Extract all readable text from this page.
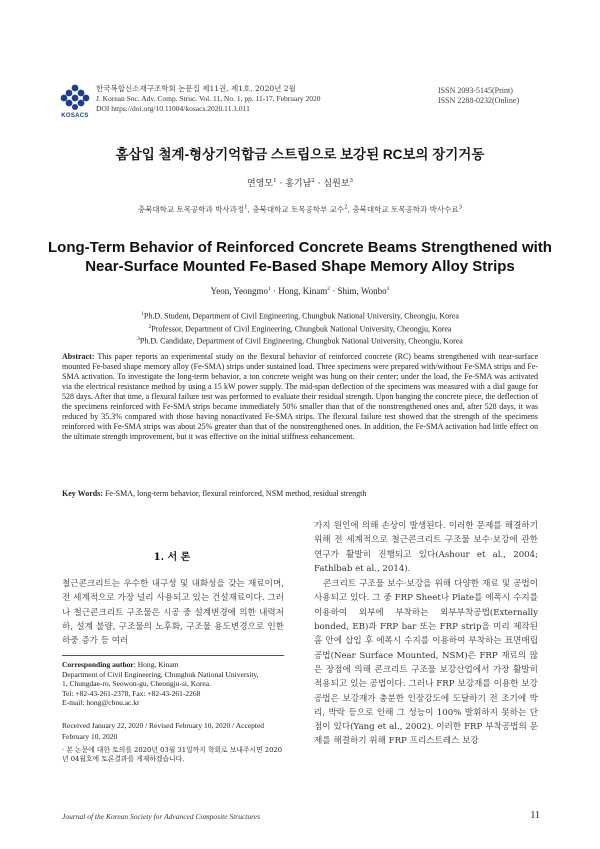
KOSACS
한국복합신소재구조학회 논문집 제11권, 제1호, 2020년 2월
J. Korean Soc. Adv. Comp. Struc. Vol. 11, No. 1, pp. 11-17, February 2020
DOI https://doi.org/10.11004/kosacs.2020.11.1.011
ISSN 2093-5145(Print)
ISSN 2288-0232(Online)
홈삽입 철계-형상기억합금 스트립으로 보강된 RC보의 장기거동
연영모$^1$ · 홍기남$^2$ · 심원보$^3$
충북대학교 토목공학과 박사과정$^1$, 충북대학교 토목공학부 교수$^2$, 충북대학교 토목공학과 박사수료$^3$
Long-Term Behavior of Reinforced Concrete Beams Strengthened with
Near-Surface Mounted Fe-Based Shape Memory Alloy Strips
Yeon, Yeongmo$^1$ · Hong, Kinam$^2$ · Shim, Wonbo$^3$
$^1$Ph.D. Student, Department of Civil Engineering, Chungbuk National University, Cheongju, Korea
$^2$Professor, Department of Civil Engineering, Chungbuk National University, Cheongju, Korea
$^3$Ph.D. Candidate, Department of Civil Engineering, Chungbuk National University, Cheongju, Korea
Abstract: This paper reports an experimental study on the flexural behavior of reinforced concrete (RC) beams strengthened with near-surface mounted Fe-based shape memory alloy (Fe-SMA) strips under sustained load. Three specimens were prepared with/without Fe-SMA strips and Fe-SMA activation. To investigate the long-term behavior, a ton concrete weight was hung on their center; under the load, the Fe-SMA was activated via the electrical resistance method by using a 15 kW power supply. The mid-span deflection of the specimens was measured with a dial gauge for 528 days. After that time, a flexural failure test was performed to evaluate their residual strength. Upon hanging the concrete piece, the deflection of the specimens reinforced with Fe-SMA strips became immediately 50% smaller than that of the nonstrengthened ones and, after 528 days, it was reduced by 35.3% compared with those having nonactivated Fe-SMA strips. The flexural failure test showed that the strength of the specimens reinforced with Fe-SMA strips was about 25% greater than that of the nonstrengthened ones. In addition, the Fe-SMA activation had little effect on the ultimate strength improvement, but it was effective on the initial stiffness enhancement.
Key Words: Fe-SMA, long-term behavior, flexural reinforced, NSM method, residual strength
1. 서 론
철근콘크리트는 우수한 내구성 및 내화성을 갖는 재료이며, 전 세계적으로 가장 널리 사용되고 있는 건설재료이다. 그러나 철근콘크리트 구조물은 시공 중 설계변경에 의한 내력저하, 설계 불량, 구조물의 노후화, 구조물 용도변경으로 인한 하중 증가 등 여러
Corresponding author: Hong, Kinam
Department of Civil Engineering, Chungbuk National University,
1, Chungdae-ro, Seowon-gu, Cheongju-si, Korea.
Tel: +82-43-261-2378, Fax: +82-43-261-2268
E-mail: hong@cbnu.ac.kr
Received January 22, 2020 / Revised February 10, 2020 / Accepted February 10, 2020
· 본 논문에 대한 토의를 2020년 03월 31일까지 학회로 보내주시면 2020년 04월호에 토론결과를 게재하겠습니다.
가지 원인에 의해 손상이 발생된다. 이러한 문제를 해결하기 위해 전 세계적으로 철근콘크리트 구조물 보수·보강에 관한 연구가 활발히 진행되고 있다(Ashour et al., 2004; Fathlbab et al., 2014).
콘크리트 구조물 보수·보강을 위해 다양한 재료 및 공법이 사용되고 있다. 그 중 FRP Sheet나 Plate를 에폭시 수지를 이용하여 외부에 부착하는 외부부착공법(Externally bonded, EB)과 FRP bar 또는 FRP strip을 미리 제작된 홈 안에 삽입 후 에폭시 수지를 이용하여 부착하는 표면매립공법(Near Surface Mounted, NSM)은 FRP 재료의 많은 장점에 의해 콘크리트 구조물 보강산업에서 가장 활발히 적용되고 있는 공법이다. 그러나 FRP 보강재를 이용한 보강공법은 보강재가 충분한 인장강도에 도달하기 전 조기에 박리, 박락 등으로 인해 그 성능이 100% 발휘하지 못하는 단점이 있다(Yang et al., 2002). 이러한 FRP 부착공법의 문제를 해결하기 위해 FRP 프리스트레스 보강
Journal of the Korean Society for Advanced Composite Structures	11
